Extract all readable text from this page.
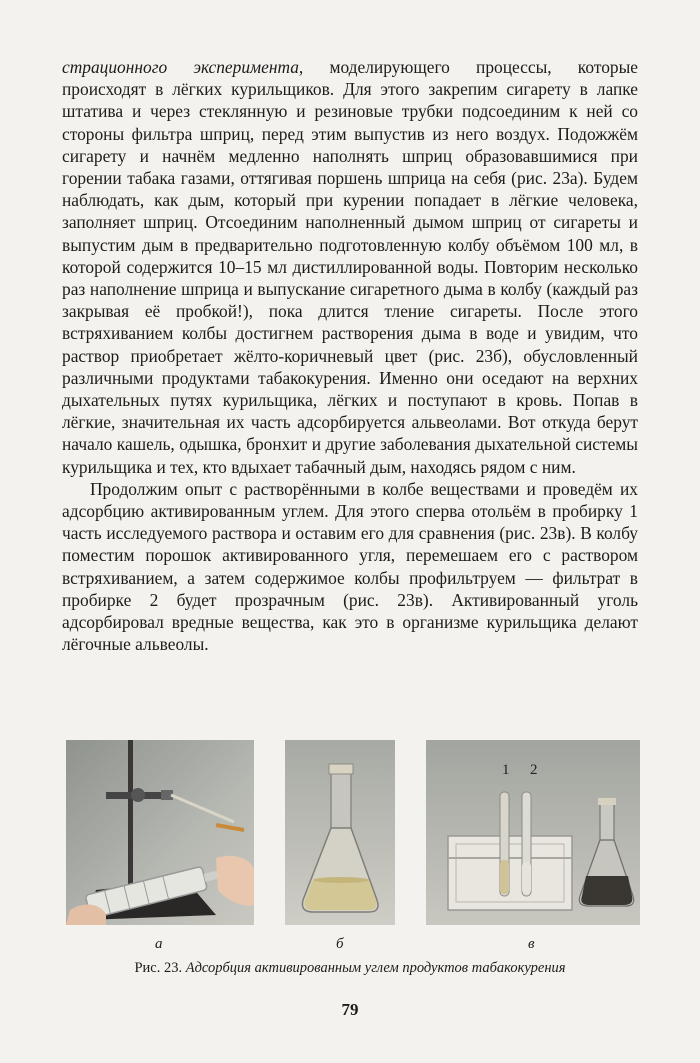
страционного эксперимента, моделирующего процессы, которые происходят в лёгких курильщиков. Для этого закрепим сигарету в лапке штатива и через стеклянную и резиновые трубки подсоединим к ней со стороны фильтра шприц, перед этим выпустив из него воздух. Подожжём сигарету и начнём медленно наполнять шприц образовавшимися при горении табака газами, оттягивая поршень шприца на себя (рис. 23а). Будем наблюдать, как дым, который при курении попадает в лёгкие человека, заполняет шприц. Отсоединим наполненный дымом шприц от сигареты и выпустим дым в предварительно подготовленную колбу объёмом 100 мл, в которой содержится 10–15 мл дистиллированной воды. Повторим несколько раз наполнение шприца и выпускание сигаретного дыма в колбу (каждый раз закрывая её пробкой!), пока длится тление сигареты. После этого встряхиванием колбы достигнем растворения дыма в воде и увидим, что раствор приобретает жёлто-коричневый цвет (рис. 23б), обусловленный различными продуктами табакокурения. Именно они оседают на верхних дыхательных путях курильщика, лёгких и поступают в кровь. Попав в лёгкие, значительная их часть адсорбируется альвеолами. Вот откуда берут начало кашель, одышка, бронхит и другие заболевания дыхательной системы курильщика и тех, кто вдыхает табачный дым, находясь рядом с ним.

Продолжим опыт с растворёнными в колбе веществами и проведём их адсорбцию активированным углем. Для этого сперва отольём в пробирку 1 часть исследуемого раствора и оставим его для сравнения (рис. 23в). В колбу поместим порошок активированного угля, перемешаем его с раствором встряхиванием, а затем содержимое колбы профильтруем — фильтрат в пробирке 2 будет прозрачным (рис. 23в). Активированный уголь адсорбировал вредные вещества, как это в организме курильщика делают лёгочные альвеолы.

1 2
а	б	в
Рис. 23. Адсорбция активированным углем продуктов табакокурения
79
